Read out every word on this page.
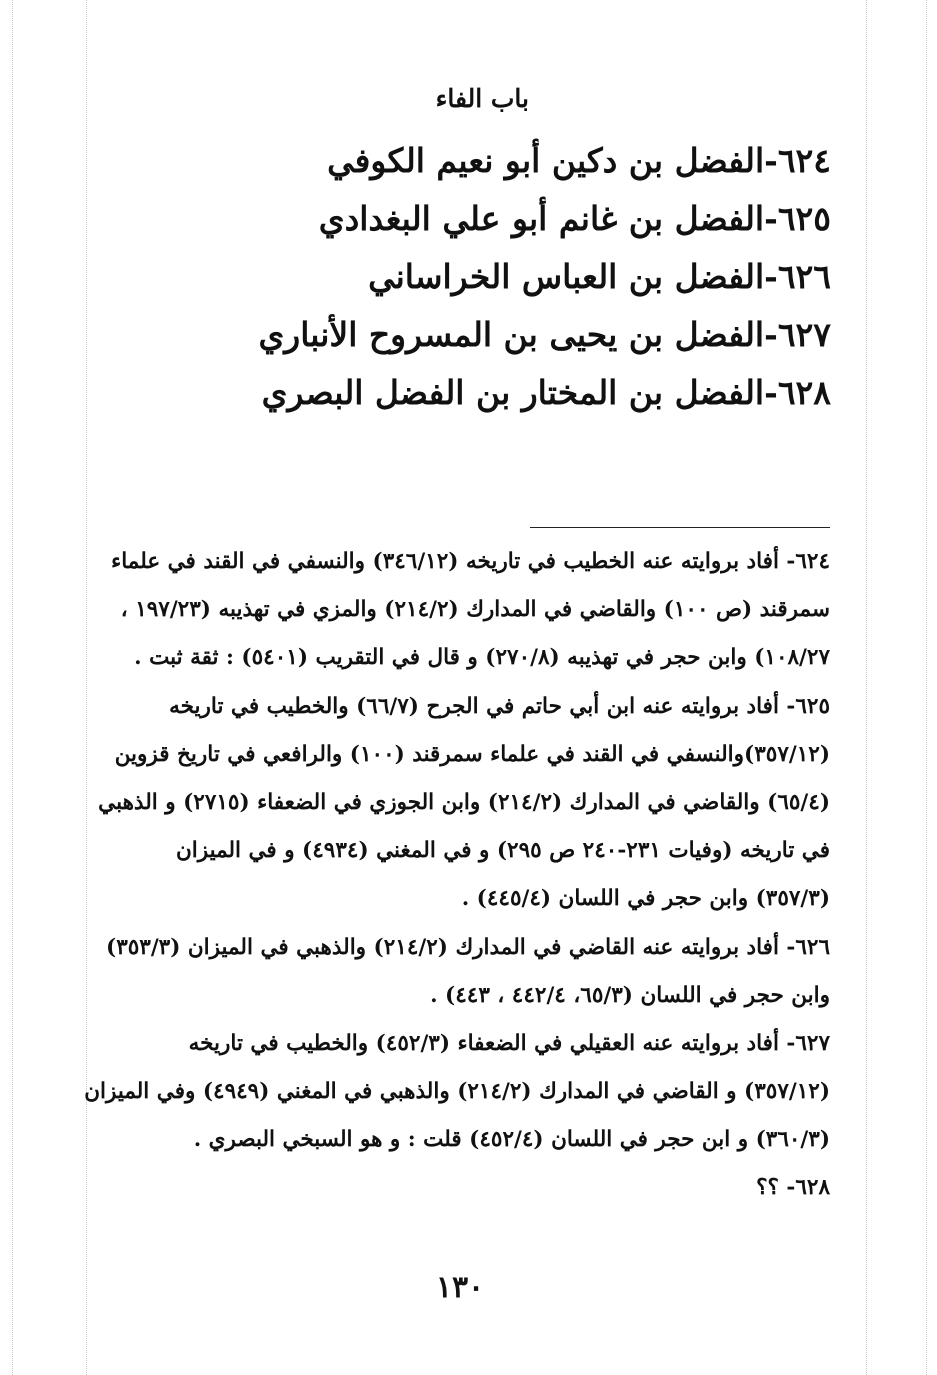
باب الفاء
٦٢٤-الفضل بن دكين أبو نعيم الكوفي
٦٢٥-الفضل بن غانم أبو علي البغدادي
٦٢٦-الفضل بن العباس الخراساني
٦٢٧-الفضل بن يحيى بن المسروح الأنباري
٦٢٨-الفضل بن المختار بن الفضل البصري
٦٢٤- أفاد بروايته عنه الخطيب في تاريخه (٣٤٦/١٢) والنسفي في القند في علماء
سمرقند (ص ١٠٠) والقاضي في المدارك (٢١٤/٢) والمزي في تهذيبه (١٩٧/٢٣ ،
١٠٨/٢٧) وابن حجر في تهذيبه (٢٧٠/٨) و قال في التقريب (٥٤٠١) : ثقة ثبت .
٦٢٥- أفاد بروايته عنه ابن أبي حاتم في الجرح (٦٦/٧) والخطيب في تاريخه
(٣٥٧/١٢)والنسفي في القند في علماء سمرقند (١٠٠) والرافعي في تاريخ قزوين
(٦٥/٤) والقاضي في المدارك (٢١٤/٢) وابن الجوزي في الضعفاء (٢٧١٥) و الذهبي
في تاريخه (وفيات ٢٣١-٢٤٠ ص ٢٩٥) و في المغني (٤٩٣٤) و في الميزان
(٣٥٧/٣) وابن حجر في اللسان (٤٤٥/٤) .
٦٢٦- أفاد بروايته عنه القاضي في المدارك (٢١٤/٢) والذهبي في الميزان (٣٥٣/٣)
وابن حجر في اللسان (٦٥/٣، ٤٤٢/٤ ، ٤٤٣) .
٦٢٧- أفاد بروايته عنه العقيلي في الضعفاء (٤٥٢/٣) والخطيب في تاريخه
(٣٥٧/١٢) و القاضي في المدارك (٢١٤/٢) والذهبي في المغني (٤٩٤٩) وفي الميزان
(٣٦٠/٣) و ابن حجر في اللسان (٤٥٢/٤) قلت : و هو السبخي البصري .
٦٢٨- ؟؟
١٣٠
